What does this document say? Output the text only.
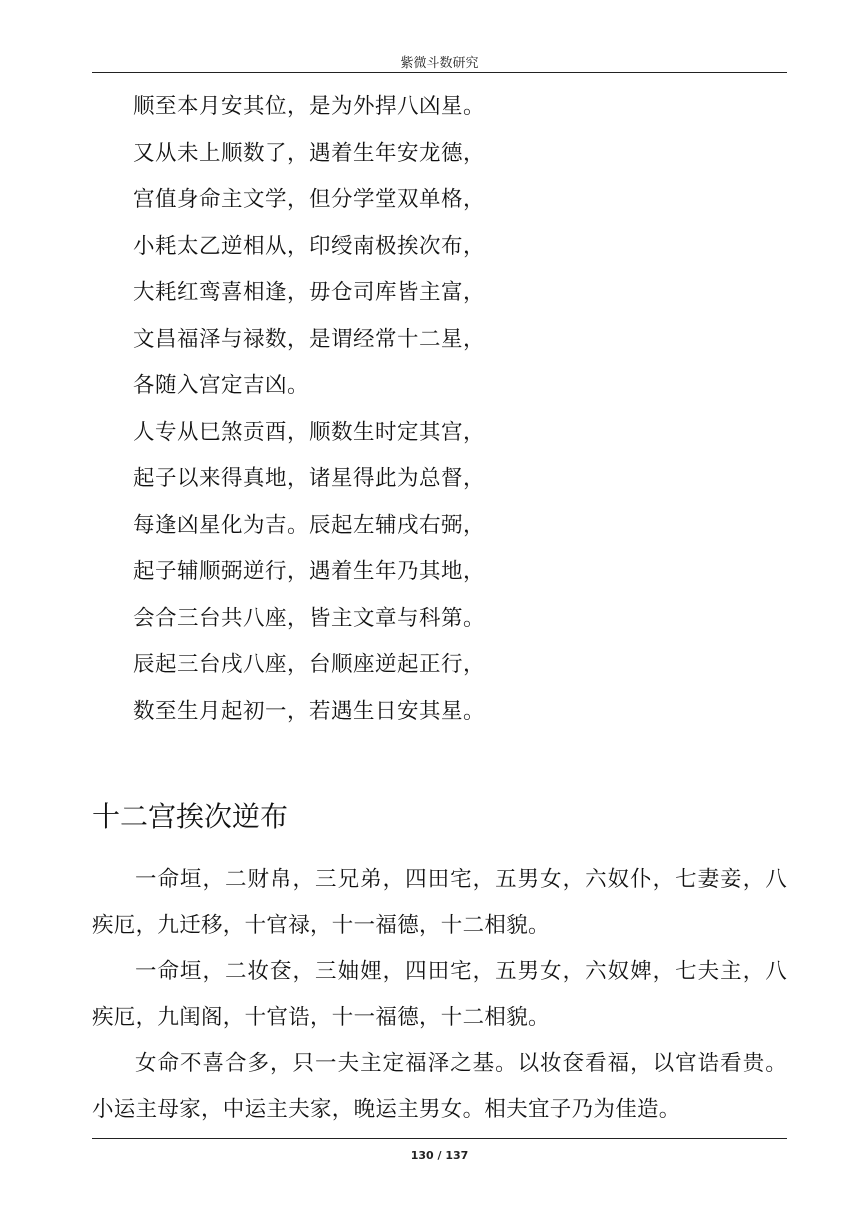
紫微斗数研究
顺至本月安其位，是为外捍八凶星。
又从未上顺数了，遇着生年安龙德，
宫值身命主文学，但分学堂双单格，
小耗太乙逆相从，印绶南极挨次布，
大耗红鸾喜相逢，毋仓司库皆主富，
文昌福泽与禄数，是谓经常十二星，
各随入宫定吉凶。
人专从巳煞贡酉，顺数生时定其宫，
起子以来得真地，诸星得此为总督，
每逢凶星化为吉。辰起左辅戌右弼，
起子辅顺弼逆行，遇着生年乃其地，
会合三台共八座，皆主文章与科第。
辰起三台戌八座，台顺座逆起正行，
数至生月起初一，若遇生日安其星。
十二宫挨次逆布

一命垣，二财帛，三兄弟，四田宅，五男女，六奴仆，七妻妾，八疾厄，九迁移，十官禄，十一福德，十二相貌。

一命垣，二妆奁，三妯娌，四田宅，五男女，六奴婢，七夫主，八疾厄，九闺阁，十官诰，十一福德，十二相貌。

女命不喜合多，只一夫主定福泽之基。以妆奁看福，以官诰看贵。小运主母家，中运主夫家，晚运主男女。相夫宜子乃为佳造。

130 / 137
